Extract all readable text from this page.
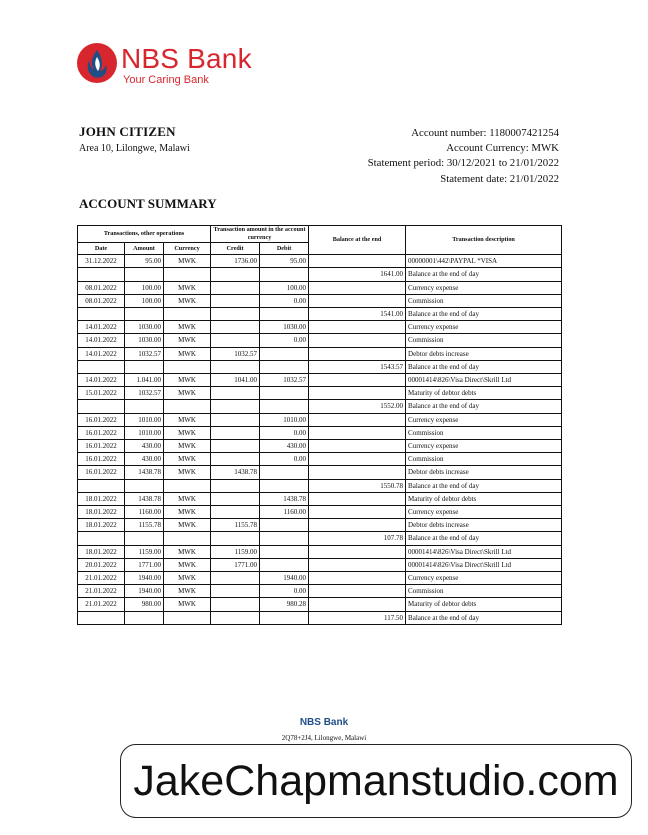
NBS Bank
Your Caring Bank
JOHN CITIZEN
Area 10, Lilongwe, Malawi
Account number: 1180007421254
Account Currency: MWK
Statement period: 30/12/2021 to 21/01/2022
Statement date: 21/01/2022
ACCOUNT SUMMARY
Transactions, other operations			Transaction amount in the account currency		Balance at the end	Transaction description
Date	Amount	Currency	Credit	Debit		
31.12.2022	95.00	MWK	1736.00	95.00		00000001\442\PAYPAL *VISA
					1641.00	Balance at the end of day
08.01.2022	100.00	MWK		100.00		Currency expense
08.01.2022	100.00	MWK		0.00		Commission
					1541.00	Balance at the end of day
14.01.2022	1030.00	MWK		1030.00		Currency expense
14.01.2022	1030.00	MWK		0.00		Commission
14.01.2022	1032.57	MWK	1032.57			Debtor debts increase
					1543.57	Balance at the end of day
14.01.2022	1.041.00	MWK	1041.00	1032.57		00001414\826\Visa Direct\Skrill Ltd
15.01.2022	1032.57	MWK				Maturity of debtor debts
					1552.00	Balance at the end of day
16.01.2022	1010.00	MWK		1010.00		Currency expense
16.01.2022	1010.00	MWK		0.00		Commission
16.01.2022	430.00	MWK		430.00		Currency expense
16.01.2022	430.00	MWK		0.00		Commission
16.01.2022	1438.78	MWK	1438.78			Debtor debts increase
					1550.78	Balance at the end of day
18.01.2022	1438.78	MWK		1438.78		Maturity of debtor debts
18.01.2022	1160.00	MWK		1160.00		Currency expense
18.01.2022	1155.78	MWK	1155.78			Debtor debts increase
					107.78	Balance at the end of day
18.01.2022	1159.00	MWK	1159.00			00001414\826\Visa Direct\Skrill Ltd
20.01.2022	1771.00	MWK	1771.00			00001414\826\Visa Direct\Skrill Ltd
21.01.2022	1940.00	MWK		1940.00		Currency expense
21.01.2022	1940.00	MWK		0.00		Commission
21.01.2022	980.00	MWK		980.28		Maturity of debtor debts
					117.50	Balance at the end of day
NBS Bank
2Q78+2J4, Lilongwe, Malawi
JakeChapmanstudio.com
